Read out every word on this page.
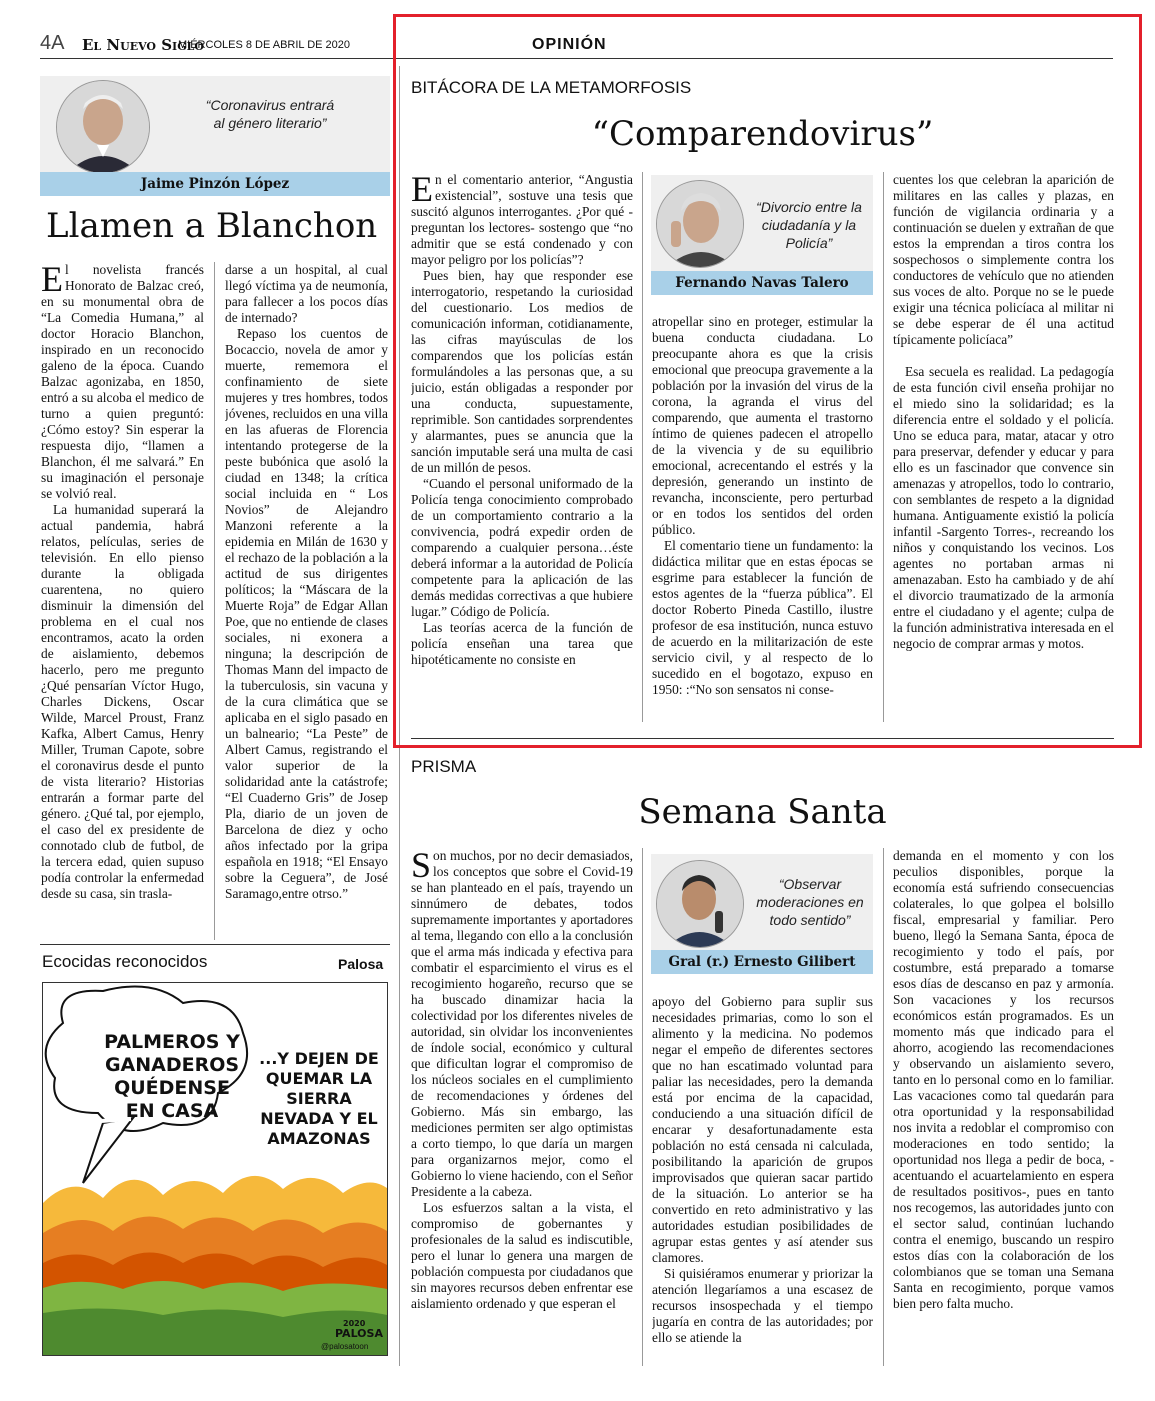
4A El Nuevo Siglo
MIÉRCOLES 8 DE ABRIL DE 2020	OPINIÓN
“Coronavirus entrará al género literario”
Jaime Pinzón López
Llamen a Blanchon

El novelista francés Honorato de Balzac creó, en su monumental obra de “La Comedia Humana,” al doctor Horacio Blanchon, inspirado en un reconocido galeno de la época. Cuando Balzac agonizaba, en 1850, entró a su alcoba el medico de turno a quien preguntó: ¿Cómo estoy? Sin esperar la respuesta dijo, “llamen a Blanchon, él me salvará.” En su imaginación el personaje se volvió real.

La humanidad superará la actual pandemia, habrá relatos, películas, series de televisión. En ello pienso durante la obligada cuarentena, no quiero disminuir la dimensión del problema en el cual nos encontramos, acato la orden de aislamiento, debemos hacerlo, pero me pregunto ¿Qué pensarían Víctor Hugo, Charles Dickens, Oscar Wilde, Marcel Proust, Franz Kafka, Albert Camus, Henry Miller, Truman Capote, sobre el coronavirus desde el punto de vista literario? Historias entrarán a formar parte del género. ¿Qué tal, por ejemplo, el caso del ex presidente de connotado club de futbol, de la tercera edad, quien supuso podía controlar la enfermedad desde su casa, sin trasla-

darse a un hospital, al cual llegó víctima ya de neumonía, para fallecer a los pocos días de internado?

Repaso los cuentos de Bocaccio, novela de amor y muerte, rememora el confinamiento de siete mujeres y tres hombres, todos jóvenes, recluidos en una villa en las afueras de Florencia intentando protegerse de la peste bubónica que asoló la ciudad en 1348; la crítica social incluida en “ Los Novios” de Alejandro Manzoni referente a la epidemia en Milán de 1630 y el rechazo de la población a la actitud de sus dirigentes políticos; la “Máscara de la Muerte Roja” de Edgar Allan Poe, que no entiende de clases sociales, ni exonera a ninguna; la descripción de Thomas Mann del impacto de la tuberculosis, sin vacuna y de la cura climática que se aplicaba en el siglo pasado en un balneario; “La Peste” de Albert Camus, registrando el valor superior de la solidaridad ante la catástrofe; “El Cuaderno Gris” de Josep Pla, diario de un joven de Barcelona de diez y ocho años infectado por la gripa española en 1918; “El Ensayo sobre la Ceguera”, de José Saramago,entre otrso.”

Ecocidas reconocidos	Palosa
PALMEROS Y GANADEROS QUÉDENSE EN CASA
...Y DEJEN DE QUEMAR LA SIERRA NEVADA Y EL AMAZONAS
2020
PALOSA
@palosatoon
BITÁCORA DE LA METAMORFOSIS
“Comparendovirus”

En el comentario anterior, “Angustia existencial”, sostuve una tesis que suscitó algunos interrogantes. ¿Por qué -preguntan los lectores- sostengo que “no admitir que se está condenado y con mayor peligro por los policías”?

Pues bien, hay que responder ese interrogatorio, respetando la curiosidad del cuestionario. Los medios de comunicación informan, cotidianamente, las cifras mayúsculas de los comparendos que los policías están formulándoles a las personas que, a su juicio, están obligadas a responder por una conducta, supuestamente, reprimible. Son cantidades sorprendentes y alarmantes, pues se anuncia que la sanción imputable será una multa de casi de un millón de pesos.

“Cuando el personal uniformado de la Policía tenga conocimiento comprobado de un comportamiento contrario a la convivencia, podrá expedir orden de comparendo a cualquier persona…éste deberá informar a la autoridad de Policía competente para la aplicación de las demás medidas correctivas a que hubiere lugar.” Código de Policía.

Las teorías acerca de la función de policía enseñan una tarea que hipotéticamente no consiste en

“Divorcio entre la ciudadanía y la Policía”
Fernando Navas Talero

atropellar sino en proteger, estimular la buena conducta ciudadana. Lo preocupante ahora es que la crisis emocional que preocupa gravemente a la población por la invasión del virus de la corona, la agranda el virus del comparendo, que aumenta el trastorno íntimo de quienes padecen el atropello de la vivencia y de su equilibrio emocional, acrecentando el estrés y la depresión, generando un instinto de revancha, inconsciente, pero perturbad or en todos los sentidos del orden público.

El comentario tiene un fundamento: la didáctica militar que en estas épocas se esgrime para establecer la función de estos agentes de la “fuerza pública”. El doctor Roberto Pineda Castillo, ilustre profesor de esa institución, nunca estuvo de acuerdo en la militarización de este servicio civil, y al respecto de lo sucedido en el bogotazo, expuso en 1950: :“No son sensatos ni conse-

cuentes los que celebran la aparición de militares en las calles y plazas, en función de vigilancia ordinaria y a continuación se duelen y extrañan de que estos la emprendan a tiros contra los sospechosos o simplemente contra los conductores de vehículo que no atienden sus voces de alto. Porque no se le puede exigir una técnica policíaca al militar ni se debe esperar de él una actitud típicamente policíaca”

Esa secuela es realidad. La pedagogía de esta función civil enseña prohijar no el miedo sino la solidaridad; es la diferencia entre el soldado y el policía. Uno se educa para, matar, atacar y otro para preservar, defender y educar y para ello es un fascinador que convence sin amenazas y atropellos, todo lo contrario, con semblantes de respeto a la dignidad humana. Antiguamente existió la policía infantil -Sargento Torres-, recreando los niños y conquistando los vecinos. Los agentes no portaban armas ni amenazaban. Esto ha cambiado y de ahí el divorcio traumatizado de la armonía entre el ciudadano y el agente; culpa de la función administrativa interesada en el negocio de comprar armas y motos.

PRISMA
Semana Santa

Son muchos, por no decir demasiados, los conceptos que sobre el Covid-19 se han planteado en el país, trayendo un sinnúmero de debates, todos supremamente importantes y aportadores al tema, llegando con ello a la conclusión que el arma más indicada y efectiva para combatir el esparcimiento el virus es el recogimiento hogareño, recurso que se ha buscado dinamizar hacia la colectividad por los diferentes niveles de autoridad, sin olvidar los inconvenientes de índole social, económico y cultural que dificultan lograr el compromiso de los núcleos sociales en el cumplimiento de recomendaciones y órdenes del Gobierno. Más sin embargo, las mediciones permiten ser algo optimistas a corto tiempo, lo que daría un margen para organizarnos mejor, como el Gobierno lo viene haciendo, con el Señor Presidente a la cabeza.

Los esfuerzos saltan a la vista, el compromiso de gobernantes y profesionales de la salud es indiscutible, pero el lunar lo genera una margen de población compuesta por ciudadanos que sin mayores recursos deben enfrentar ese aislamiento ordenado y que esperan el

“Observar moderaciones en todo sentido”
Gral (r.) Ernesto Gilibert

apoyo del Gobierno para suplir sus necesidades primarias, como lo son el alimento y la medicina. No podemos negar el empeño de diferentes sectores que no han escatimado voluntad para paliar las necesidades, pero la demanda está por encima de la capacidad, conduciendo a una situación difícil de encarar y desafortunadamente esta población no está censada ni calculada, posibilitando la aparición de grupos improvisados que quieran sacar partido de la situación. Lo anterior se ha convertido en reto administrativo y las autoridades estudian posibilidades de agrupar estas gentes y así atender sus clamores.

Si quisiéramos enumerar y priorizar la atención llegaríamos a una escasez de recursos insospechada y el tiempo jugaría en contra de las autoridades; por ello se atiende la

demanda en el momento y con los peculios disponibles, porque la economía está sufriendo consecuencias colaterales, lo que golpea el bolsillo fiscal, empresarial y familiar. Pero bueno, llegó la Semana Santa, época de recogimiento y todo el país, por costumbre, está preparado a tomarse esos días de descanso en paz y armonía. Son vacaciones y los recursos económicos están programados. Es un momento más que indicado para el ahorro, acogiendo las recomendaciones y observando un aislamiento severo, tanto en lo personal como en lo familiar. Las vacaciones como tal quedarán para otra oportunidad y la responsabilidad nos invita a redoblar el compromiso con moderaciones en todo sentido; la oportunidad nos llega a pedir de boca, -acentuando el acuartelamiento en espera de resultados positivos-, pues en tanto nos recogemos, las autoridades junto con el sector salud, continúan luchando contra el enemigo, buscando un respiro estos días con la colaboración de los colombianos que se toman una Semana Santa en recogimiento, porque vamos bien pero falta mucho.
